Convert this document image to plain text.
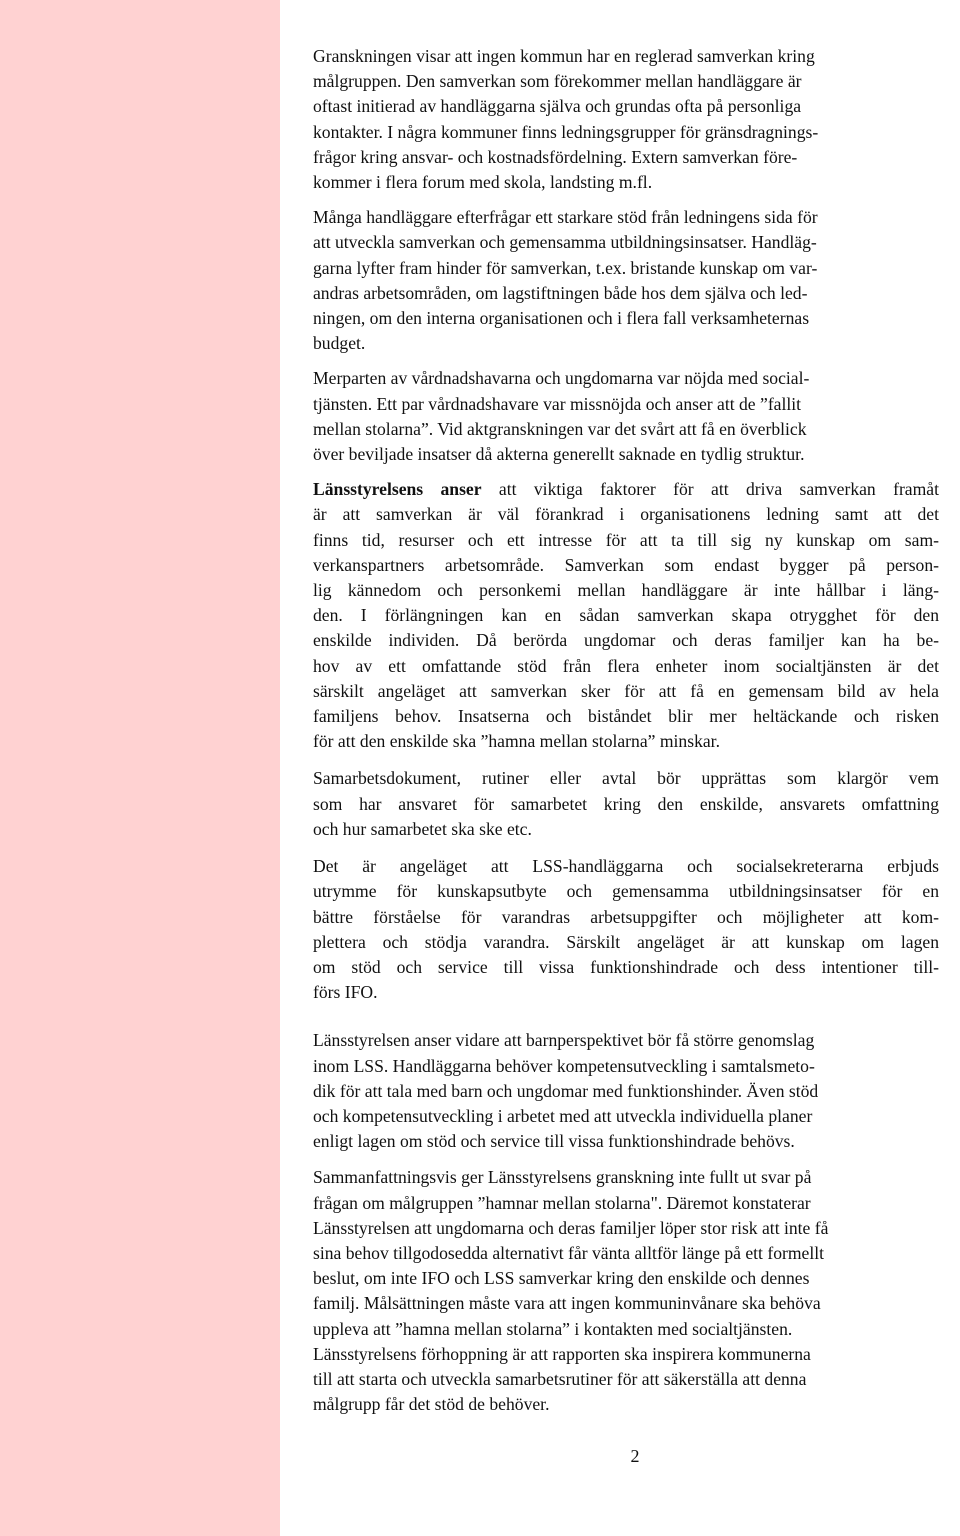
Granskningen visar att ingen kommun har en reglerad samverkan kring
målgruppen. Den samverkan som förekommer mellan handläggare är
oftast initierad av handläggarna själva och grundas ofta på personliga
kontakter. I några kommuner finns ledningsgrupper för gränsdragnings-
frågor kring ansvar- och kostnadsfördelning. Extern samverkan före-
kommer i flera forum med skola, landsting m.fl.

Många handläggare efterfrågar ett starkare stöd från ledningens sida för
att utveckla samverkan och gemensamma utbildningsinsatser. Handläg-
garna lyfter fram hinder för samverkan, t.ex. bristande kunskap om var-
andras arbetsområden, om lagstiftningen både hos dem själva och led-
ningen, om den interna organisationen och i flera fall verksamheternas
budget.

Merparten av vårdnadshavarna och ungdomarna var nöjda med social-
tjänsten. Ett par vårdnadshavare var missnöjda och anser att de ”fallit
mellan stolarna”. Vid aktgranskningen var det svårt att få en överblick
över beviljade insatser då akterna generellt saknade en tydlig struktur.

Länsstyrelsens anser att viktiga faktorer för att driva samverkan framåt
är att samverkan är väl förankrad i organisationens ledning samt att det
finns tid, resurser och ett intresse för att ta till sig ny kunskap om sam-
verkanspartners arbetsområde. Samverkan som endast bygger på person-
lig kännedom och personkemi mellan handläggare är inte hållbar i läng-
den. I förlängningen kan en sådan samverkan skapa otrygghet för den
enskilde individen. Då berörda ungdomar och deras familjer kan ha be-
hov av ett omfattande stöd från flera enheter inom socialtjänsten är det
särskilt angeläget att samverkan sker för att få en gemensam bild av hela
familjens behov. Insatserna och biståndet blir mer heltäckande och risken
för att den enskilde ska ”hamna mellan stolarna” minskar.

Samarbetsdokument, rutiner eller avtal bör upprättas som klargör vem
som har ansvaret för samarbetet kring den enskilde, ansvarets omfattning
och hur samarbetet ska ske etc.

Det är angeläget att LSS-handläggarna och socialsekreterarna erbjuds
utrymme för kunskapsutbyte och gemensamma utbildningsinsatser för en
bättre förståelse för varandras arbetsuppgifter och möjligheter att kom-
plettera och stödja varandra. Särskilt angeläget är att kunskap om lagen
om stöd och service till vissa funktionshindrade och dess intentioner till-
förs IFO.

Länsstyrelsen anser vidare att barnperspektivet bör få större genomslag
inom LSS. Handläggarna behöver kompetensutveckling i samtalsmeto-
dik för att tala med barn och ungdomar med funktionshinder. Även stöd
och kompetensutveckling i arbetet med att utveckla individuella planer
enligt lagen om stöd och service till vissa funktionshindrade behövs.

Sammanfattningsvis ger Länsstyrelsens granskning inte fullt ut svar på
frågan om målgruppen ”hamnar mellan stolarna". Däremot konstaterar
Länsstyrelsen att ungdomarna och deras familjer löper stor risk att inte få
sina behov tillgodosedda alternativt får vänta alltför länge på ett formellt
beslut, om inte IFO och LSS samverkar kring den enskilde och dennes
familj. Målsättningen måste vara att ingen kommuninvånare ska behöva
uppleva att ”hamna mellan stolarna” i kontakten med socialtjänsten.
Länsstyrelsens förhoppning är att rapporten ska inspirera kommunerna
till att starta och utveckla samarbetsrutiner för att säkerställa att denna
målgrupp får det stöd de behöver.

2
